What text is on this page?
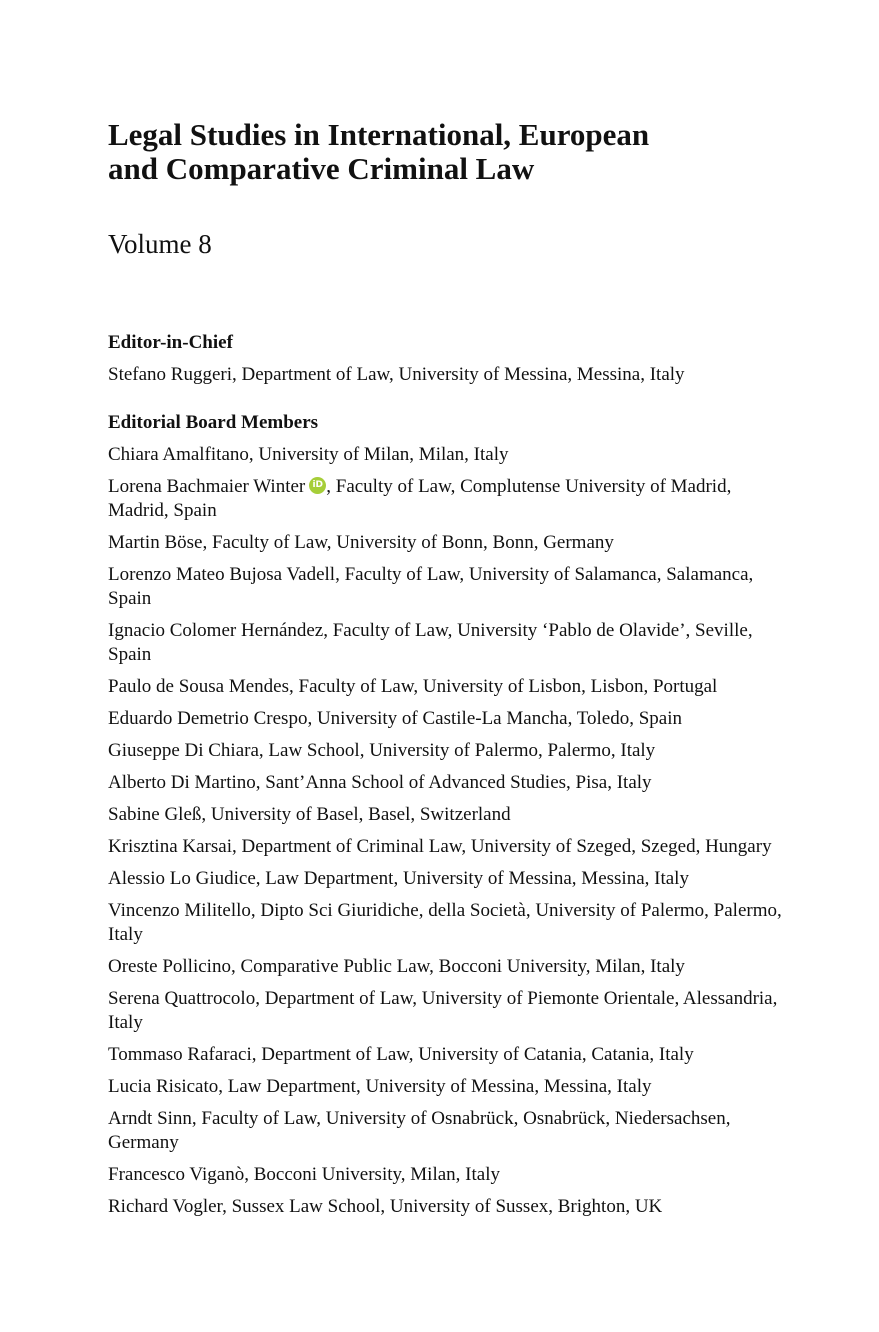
Legal Studies in International, European
and Comparative Criminal Law
Volume 8
Editor-in-Chief

Stefano Ruggeri, Department of Law, University of Messina, Messina, Italy

Editorial Board Members
Chiara Amalfitano, University of Milan, Milan, Italy
Lorena Bachmaier WinteriD , Faculty of Law, Complutense University of Madrid, Madrid, Spain
Martin Böse, Faculty of Law, University of Bonn, Bonn, Germany
Lorenzo Mateo Bujosa Vadell, Faculty of Law, University of Salamanca, Salamanca, Spain
Ignacio Colomer Hernández, Faculty of Law, University ‘Pablo de Olavide’, Seville, Spain
Paulo de Sousa Mendes, Faculty of Law, University of Lisbon, Lisbon, Portugal
Eduardo Demetrio Crespo, University of Castile-La Mancha, Toledo, Spain
Giuseppe Di Chiara, Law School, University of Palermo, Palermo, Italy
Alberto Di Martino, Sant’Anna School of Advanced Studies, Pisa, Italy
Sabine Gleß, University of Basel, Basel, Switzerland
Krisztina Karsai, Department of Criminal Law, University of Szeged, Szeged, Hungary
Alessio Lo Giudice, Law Department, University of Messina, Messina, Italy
Vincenzo Militello, Dipto Sci Giuridiche, della Società, University of Palermo, Palermo, Italy
Oreste Pollicino, Comparative Public Law, Bocconi University, Milan, Italy
Serena Quattrocolo, Department of Law, University of Piemonte Orientale, Alessandria, Italy
Tommaso Rafaraci, Department of Law, University of Catania, Catania, Italy
Lucia Risicato, Law Department, University of Messina, Messina, Italy
Arndt Sinn, Faculty of Law, University of Osnabrück, Osnabrück, Niedersachsen, Germany
Francesco Viganò, Bocconi University, Milan, Italy
Richard Vogler, Sussex Law School, University of Sussex, Brighton, UK
